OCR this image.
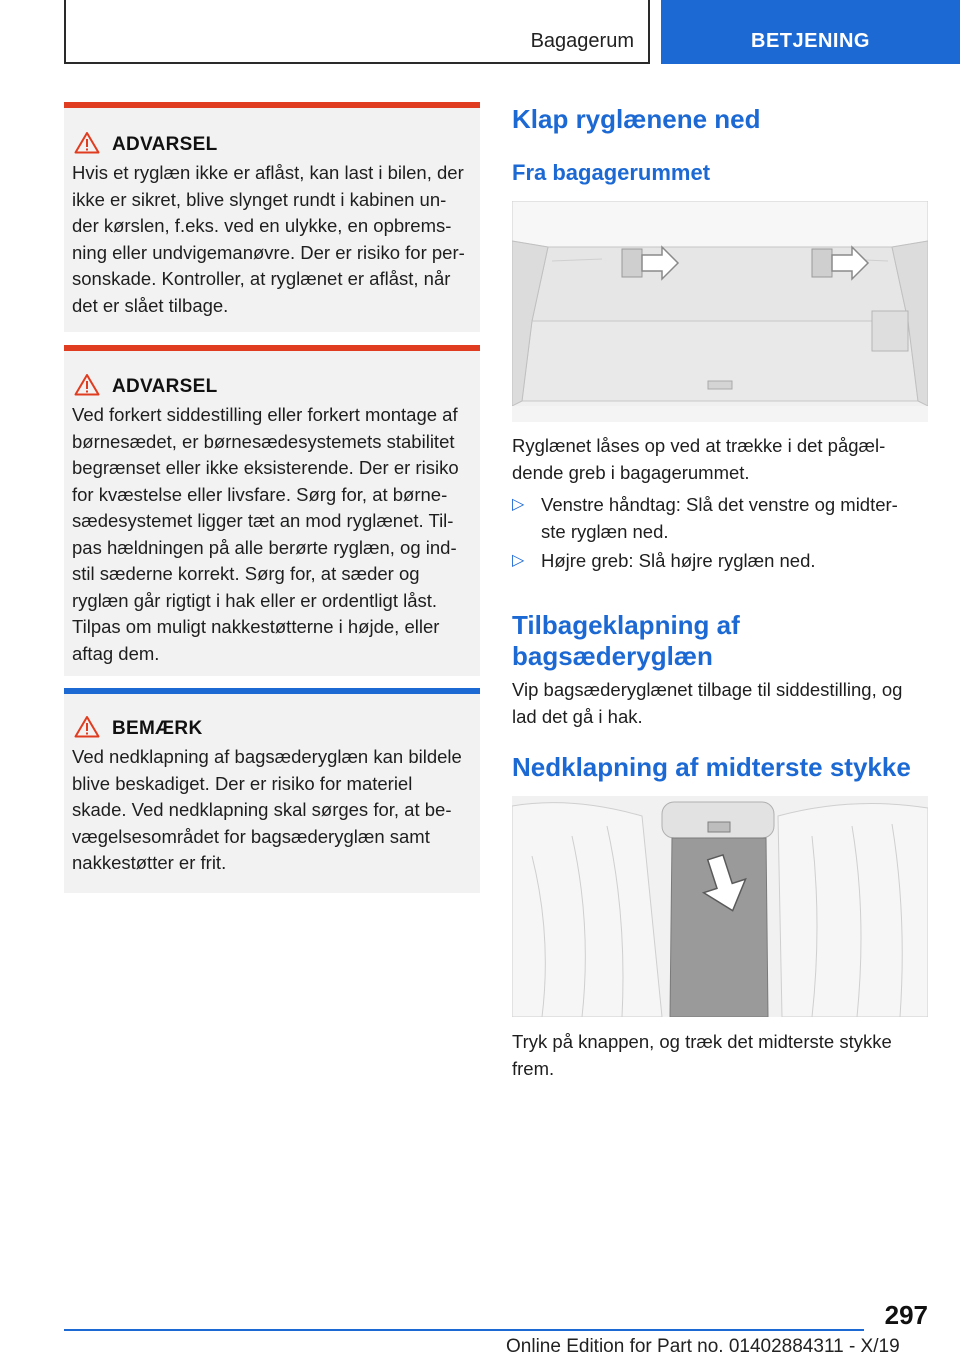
Bagagerum	BETJENING
ADVARSEL
Hvis et ryglæn ikke er aflåst, kan last i bilen, der
ikke er sikret, blive slynget rundt i kabinen un-
der kørslen, f.eks. ved en ulykke, en opbrems-
ning eller undvigemanøvre. Der er risiko for per-
sonskade. Kontroller, at ryglænet er aflåst, når
det er slået tilbage.
ADVARSEL
Ved forkert siddestilling eller forkert montage af
børnesædet, er børnesædesystemets stabilitet
begrænset eller ikke eksisterende. Der er risiko
for kvæstelse eller livsfare. Sørg for, at børne-
sædesystemet ligger tæt an mod ryglænet. Til-
pas hældningen på alle berørte ryglæn, og ind-
stil sæderne korrekt. Sørg for, at sæder og
ryglæn går rigtigt i hak eller er ordentligt låst.
Tilpas om muligt nakkestøtterne i højde, eller
aftag dem.
BEMÆRK
Ved nedklapning af bagsæderyglæn kan bildele
blive beskadiget. Der er risiko for materiel
skade. Ved nedklapning skal sørges for, at be-
vægelsesområdet for bagsæderyglæn samt
nakkestøtter er frit.
Klap ryglænene ned
Fra bagagerummet
Ryglænet låses op ved at trække i det pågæl-
dende greb i bagagerummet.
▷ Venstre håndtag: Slå det venstre og midter-
ste ryglæn ned.
▷ Højre greb: Slå højre ryglæn ned.
Tilbageklapning af
bagsæderyglæn
Vip bagsæderyglænet tilbage til siddestilling, og
lad det gå i hak.
Nedklapning af midterste stykke
Tryk på knappen, og træk det midterste stykke
frem.
297
Online Edition for Part no. 01402884311 - X/19
